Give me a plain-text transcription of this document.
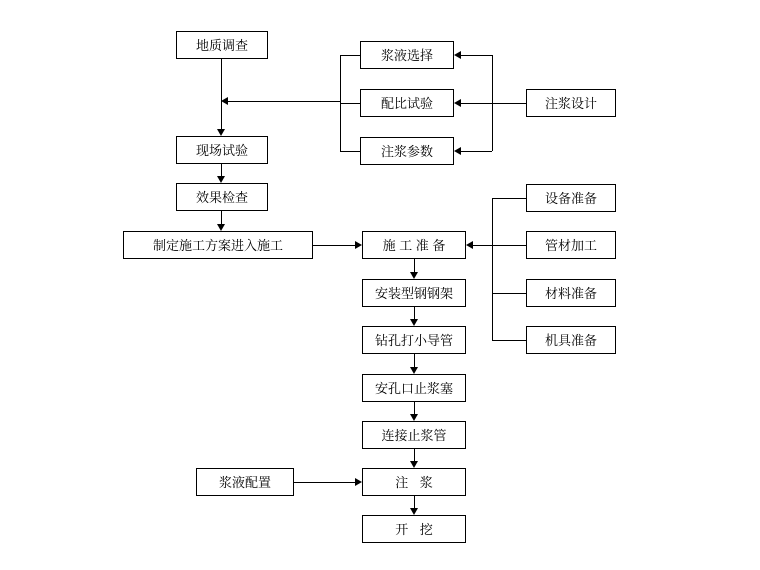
地质调查
浆液选择
配比试验
注浆参数
注浆设计
现场试验
效果检查
制定施工方案进入施工	施 工 准 备
设备准备
管材加工
材料准备
机具准备
安装型钢钢架
钻孔打小导管
安孔口止浆塞
连接止浆管
浆液配置	注 浆
开 挖
